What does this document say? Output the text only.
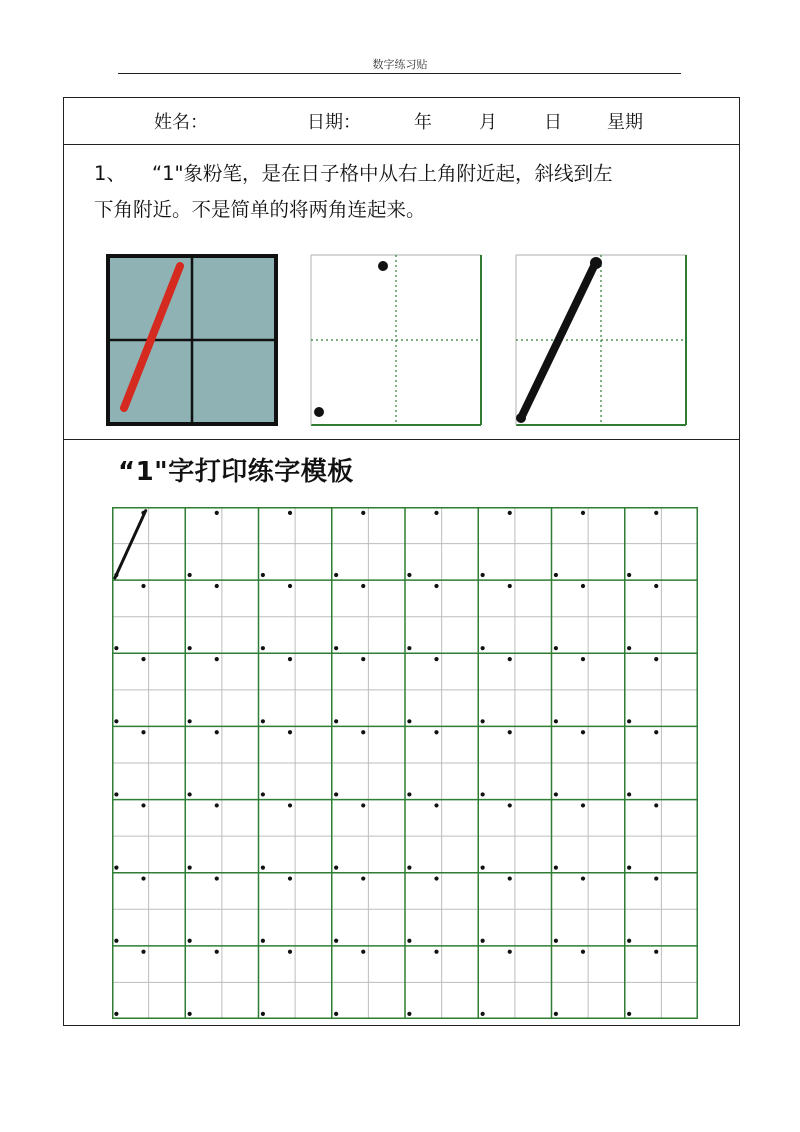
数字练习贴
姓名：	日期：	年	月	日	星期
1、 “1"象粉笔，是在日子格中从右上角附近起，斜线到左
下角附近。不是简单的将两角连起来。
“1"字打印练字模板
